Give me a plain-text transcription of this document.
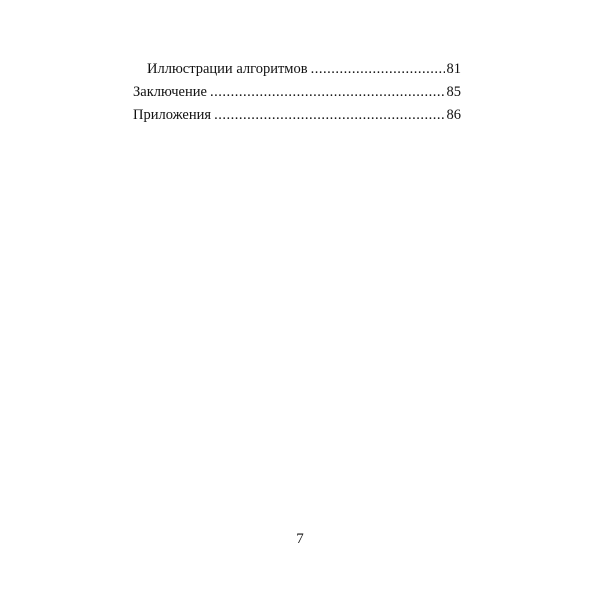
Иллюстрации алгоритмов .....	81
Заключение .....	85
Приложения .....	86
7
